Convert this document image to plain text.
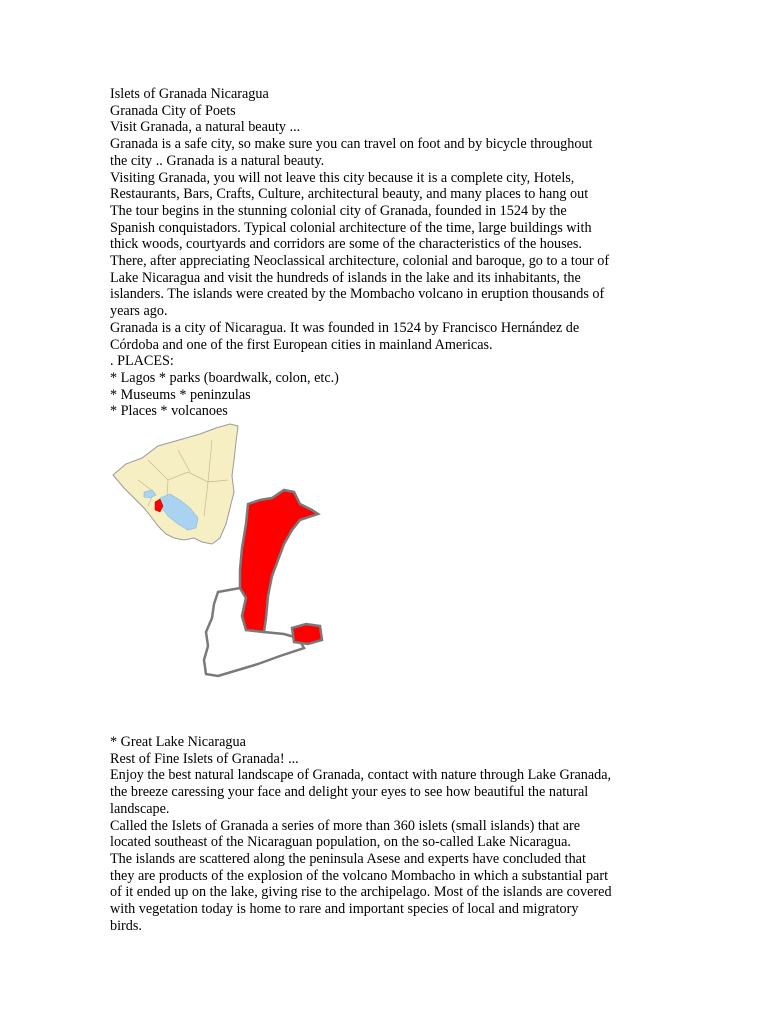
Islets of Granada Nicaragua
Granada City of Poets
Visit Granada, a natural beauty ...
Granada is a safe city, so make sure you can travel on foot and by bicycle throughout
the city .. Granada is a natural beauty.
Visiting Granada, you will not leave this city because it is a complete city, Hotels,
Restaurants, Bars, Crafts, Culture, architectural beauty, and many places to hang out
The tour begins in the stunning colonial city of Granada, founded in 1524 by the
Spanish conquistadors. Typical colonial architecture of the time, large buildings with
thick woods, courtyards and corridors are some of the characteristics of the houses.
There, after appreciating Neoclassical architecture, colonial and baroque, go to a tour of
Lake Nicaragua and visit the hundreds of islands in the lake and its inhabitants, the
islanders. The islands were created by the Mombacho volcano in eruption thousands of
years ago.
Granada is a city of Nicaragua. It was founded in 1524 by Francisco Hernández de
Córdoba and one of the first European cities in mainland Americas.
. PLACES:
* Lagos * parks (boardwalk, colon, etc.)
* Museums * peninzulas
* Places * volcanoes
* Great Lake Nicaragua
Rest of Fine Islets of Granada! ...
Enjoy the best natural landscape of Granada, contact with nature through Lake Granada,
the breeze caressing your face and delight your eyes to see how beautiful the natural
landscape.
Called the Islets of Granada a series of more than 360 islets (small islands) that are
located southeast of the Nicaraguan population, on the so-called Lake Nicaragua.
The islands are scattered along the peninsula Asese and experts have concluded that
they are products of the explosion of the volcano Mombacho in which a substantial part
of it ended up on the lake, giving rise to the archipelago. Most of the islands are covered
with vegetation today is home to rare and important species of local and migratory
birds.
